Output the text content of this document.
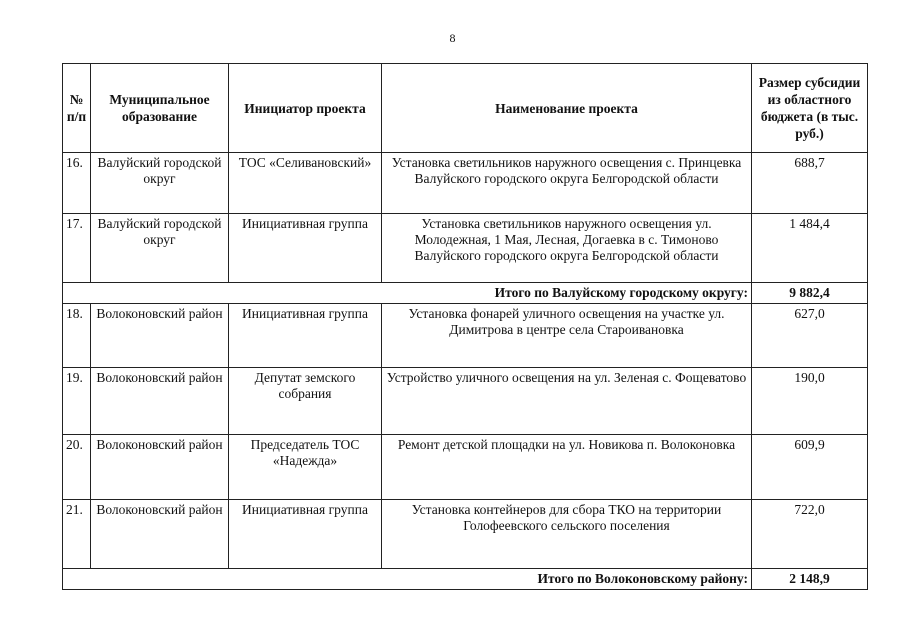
8
№ п/п	Муниципальное образование	Инициатор проекта	Наименование проекта	Размер субсидии из областного бюджета (в тыс. руб.)
16.	Валуйский городской округ	ТОС «Селивановский»	Установка светильников наружного освещения с. Принцевка Валуйского городского округа Белгородской области	688,7
17.	Валуйский городской округ	Инициативная группа	Установка светильников наружного освещения ул. Молодежная, 1 Мая, Лесная, Догаевка в с. Тимоново Валуйского городского округа Белгородской области	1 484,4
Итого по Валуйскому городскому округу:				9 882,4
18.	Волоконовский район	Инициативная группа	Установка фонарей уличного освещения на участке ул. Димитрова в центре села Староивановка	627,0
19.	Волоконовский район	Депутат земского собрания	Устройство уличного освещения на ул. Зеленая с. Фощеватово	190,0
20.	Волоконовский район	Председатель ТОС «Надежда»	Ремонт детской площадки на ул. Новикова п. Волоконовка	609,9
21.	Волоконовский район	Инициативная группа	Установка контейнеров для сбора ТКО на территории Голофеевского сельского поселения	722,0
Итого по Волоконовскому району:				2 148,9
